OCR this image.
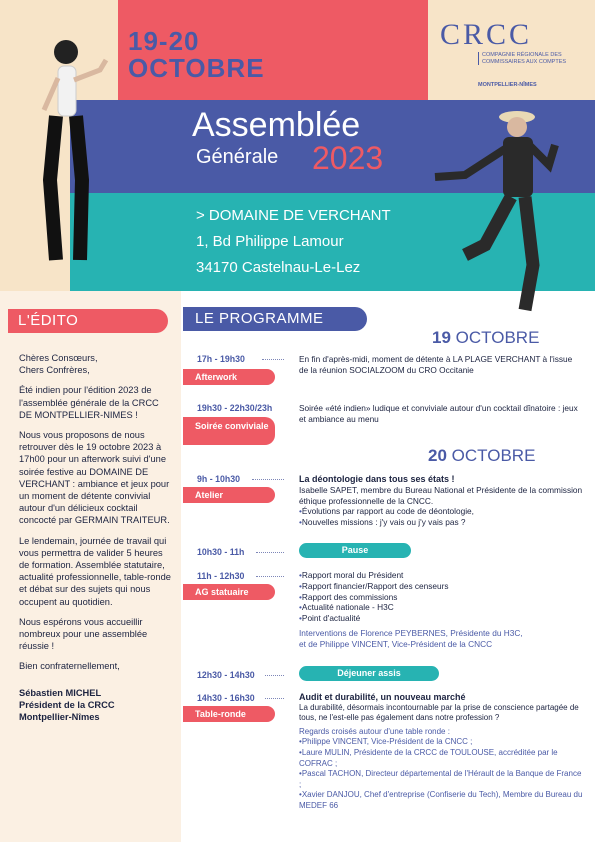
19-20
OCTOBRE
CRCC
COMPAGNIE RÉGIONALE DES COMMISSAIRES AUX COMPTES
MONTPELLIER-NÎMES
Assemblée
Générale 2023
> DOMAINE DE VERCHANT
1, Bd Philippe Lamour
34170 Castelnau-Le-Lez
L'ÉDITO

Chères Consœurs,
Chers Confrères,

Été indien pour l'édition 2023 de l'assemblée générale de la CRCC DE MONTPELLIER-NIMES !

Nous vous proposons de nous retrouver dès le 19 octobre 2023 à 17h00 pour un afterwork suivi d'une soirée festive au DOMAINE DE VERCHANT : ambiance et jeux pour un moment de détente convivial autour d'un délicieux cocktail concocté par GERMAIN TRAITEUR.

Le lendemain, journée de travail qui vous permettra de valider 5 heures de formation. Assemblée statutaire, actualité professionnelle, table-ronde et débat sur des sujets qui nous occupent au quotidien.

Nous espérons vous accueillir nombreux pour une assemblée réussie !

Bien confraternellement,

Sébastien MICHEL
Président de la CRCC
Montpellier-Nîmes
LE PROGRAMME
19 OCTOBRE
17h - 19h30
Afterwork
En fin d'après-midi, moment de détente à LA PLAGE VERCHANT à l'issue de la réunion SOCIALZOOM du CRO Occitanie
19h30 - 22h30/23h
Soirée conviviale
Soirée «été indien» ludique et conviviale autour d'un cocktail dînatoire : jeux et ambiance au menu
20 OCTOBRE
9h - 10h30
Atelier
La déontologie dans tous ses états !
Isabelle SAPET, membre du Bureau National et Présidente de la commission éthique professionnelle de la CNCC.
• Évolutions par rapport au code de déontologie,
• Nouvelles missions : j'y vais ou j'y vais pas ?
10h30 - 11h	Pause
11h - 12h30
AG statuaire
• Rapport moral du Président
• Rapport financier/Rapport des censeurs
• Rapport des commissions
• Actualité nationale - H3C
• Point d'actualité
Interventions de Florence PEYBERNES, Présidente du H3C, et de Philippe VINCENT, Vice-Président de la CNCC
12h30 - 14h30	Déjeuner assis
14h30 - 16h30
Table-ronde
Audit et durabilité, un nouveau marché
La durabilité, désormais incontournable par la prise de conscience partagée de tous, ne l'est-elle pas également dans notre profession ?
Regards croisés autour d'une table ronde :
• Philippe VINCENT, Vice-Président de la CNCC ;
• Laure MULIN, Présidente de la CRCC de TOULOUSE, accréditée par le COFRAC ;
• Pascal TACHON, Directeur départemental de l'Hérault de la Banque de France ;
• Xavier DANJOU, Chef d'entreprise (Confiserie du Tech), Membre du Bureau du MEDEF 66
